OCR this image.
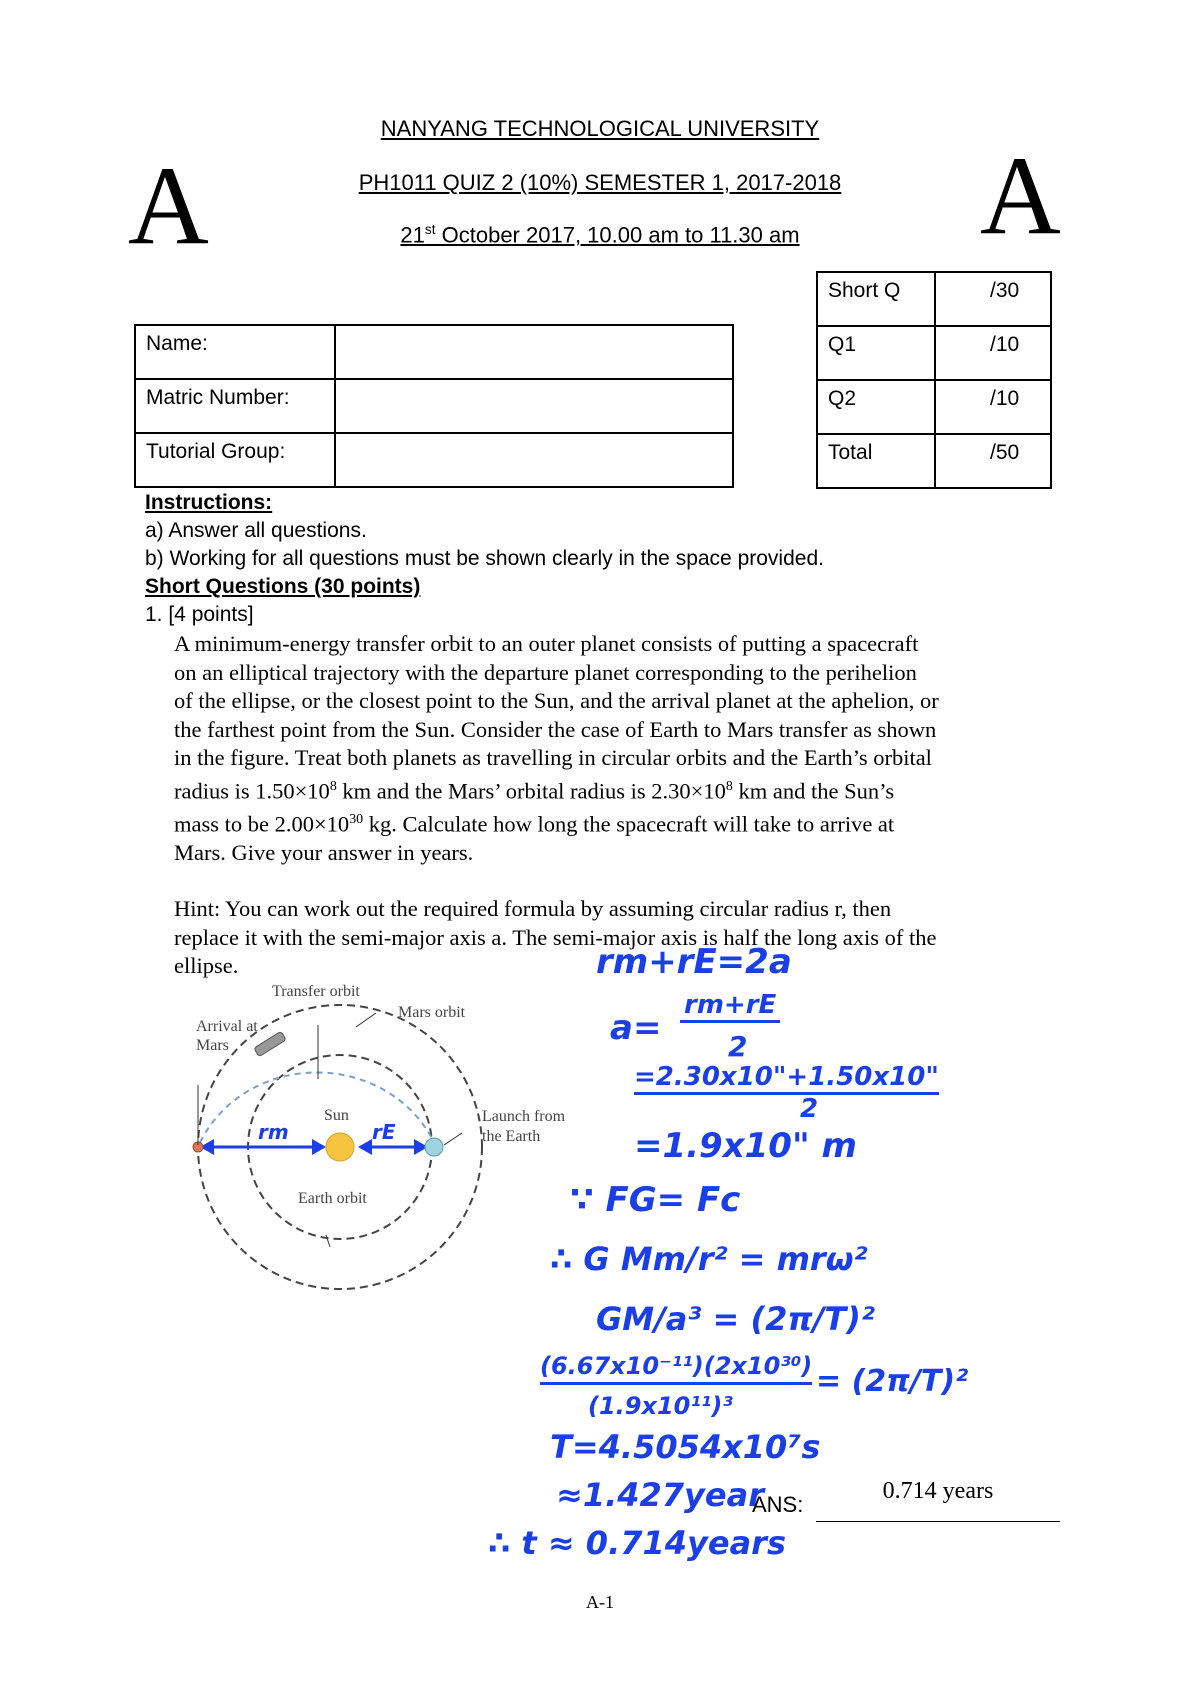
NANYANG TECHNOLOGICAL UNIVERSITY
PH1011 QUIZ 2 (10%) SEMESTER 1, 2017-2018
21st October 2017, 10.00 am to 11.30 am
A	A
Name:	
Matric Number:	
Tutorial Group:	
Short Q	/30
Q1	/10
Q2	/10
Total	/50
Instructions:
a) Answer all questions.
b) Working for all questions must be shown clearly in the space provided.
Short Questions (30 points)
1. [4 points]
A minimum-energy transfer orbit to an outer planet consists of putting a spacecraft
on an elliptical trajectory with the departure planet corresponding to the perihelion
of the ellipse, or the closest point to the Sun, and the arrival planet at the aphelion, or
the farthest point from the Sun. Consider the case of Earth to Mars transfer as shown
in the figure. Treat both planets as travelling in circular orbits and the Earth’s orbital
radius is $1.50\times 10^8$ km and the Mars’ orbital radius is $2.30\times 10^8$ km and the Sun’s
mass to be $2.00\times 10^{30}$ kg. Calculate how long the spacecraft will take to arrive at
Mars. Give your answer in years.
Hint: You can work out the required formula by assuming circular radius r, then
replace it with the semi-major axis a. The semi-major axis is half the long axis of the
ellipse.
Transfer orbit
Mars orbit
Arrival at
Mars
Sun	Launch from
the Earth
Earth orbit
rm	rE
rm+rE=2a
a=
rm+rE
2
=2.30x10"+1.50x10"
2
=1.9x10" m
∵ FG= Fc
∴ G Mm/r² = mrω²
GM/a³ = (2π/T)²
(6.67x10⁻¹¹)(2x10³⁰)
(1.9x10¹¹)³
= (2π/T)²
T=4.5054x10⁷s
≈1.427year
∴ t ≈ 0.714years
ANS:
0.714 years
A-1
